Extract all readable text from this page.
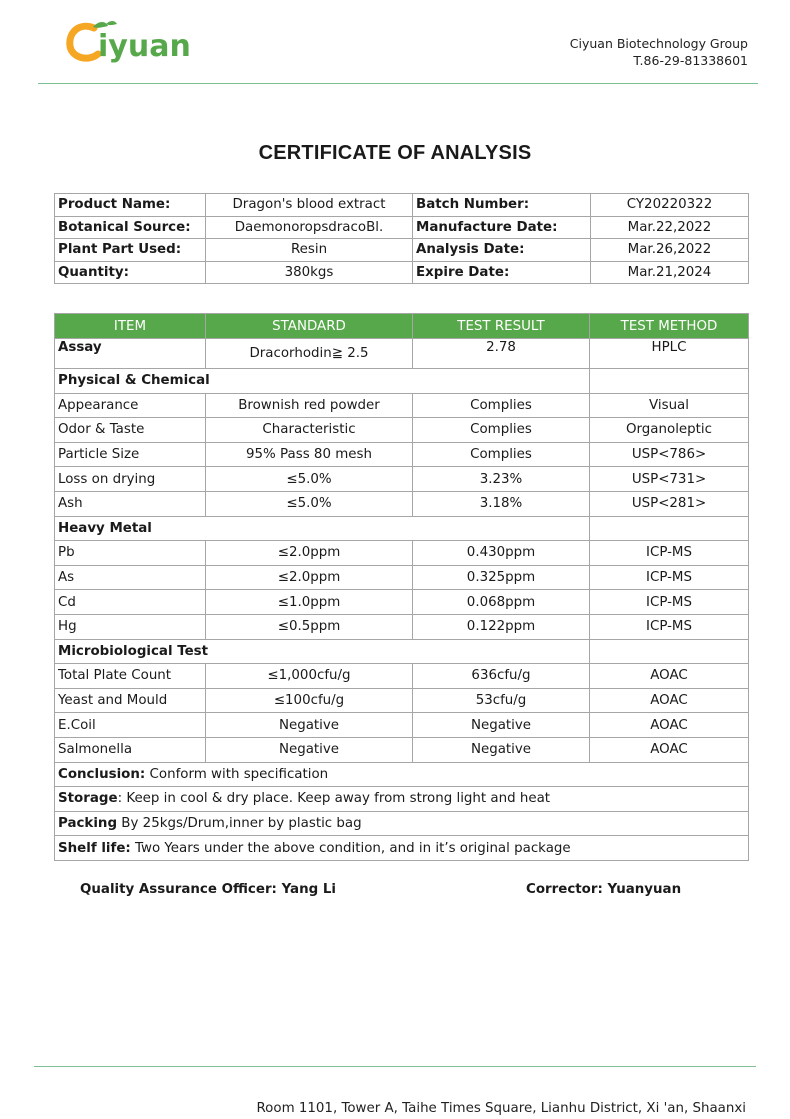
iyuan	Ciyuan Biotechnology Group
T.86-29-81338601
CERTIFICATE OF ANALYSIS
Product Name:	Dragon's blood extract	Batch Number:	CY20220322
Botanical Source:	DaemonoropsdracoBl.	Manufacture Date:	Mar.22,2022
Plant Part Used:	Resin	Analysis Date:	Mar.26,2022
Quantity:	380kgs	Expire Date:	Mar.21,2024
ITEM	STANDARD	TEST RESULT	TEST METHOD
Assay	Dracorhodin≧ 2.5	2.78	HPLC
Physical & Chemical			
Appearance	Brownish red powder	Complies	Visual
Odor & Taste	Characteristic	Complies	Organoleptic
Particle Size	95% Pass 80 mesh	Complies	USP<786>
Loss on drying	≤5.0%	3.23%	USP<731>
Ash	≤5.0%	3.18%	USP<281>
Heavy Metal			
Pb	≤2.0ppm	0.430ppm	ICP-MS
As	≤2.0ppm	0.325ppm	ICP-MS
Cd	≤1.0ppm	0.068ppm	ICP-MS
Hg	≤0.5ppm	0.122ppm	ICP-MS
Microbiological Test			
Total Plate Count	≤1,000cfu/g	636cfu/g	AOAC
Yeast and Mould	≤100cfu/g	53cfu/g	AOAC
E.Coil	Negative	Negative	AOAC
Salmonella	Negative	Negative	AOAC
Conclusion: Conform with specification			
Storage: Keep in cool & dry place. Keep away from strong light and heat			
Packing By 25kgs/Drum,inner by plastic bag			
Shelf life: Two Years under the above condition, and in it’s original package			
Quality Assurance Officer: Yang Li	Corrector: Yuanyuan
Room 1101, Tower A, Taihe Times Square, Lianhu District, Xi 'an, Shaanxi
